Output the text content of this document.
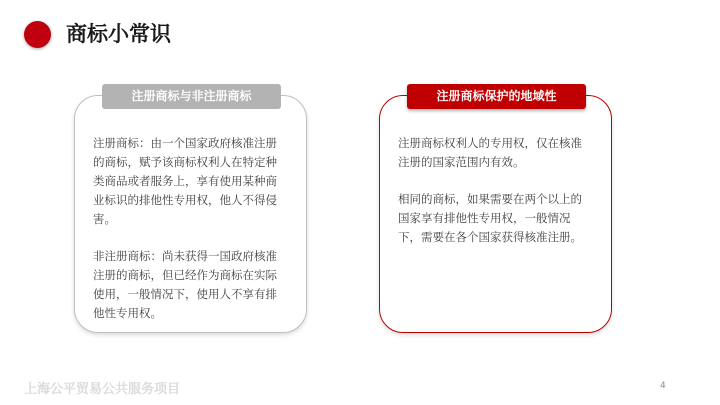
商标小常识
注册商标与非注册商标

注册商标：由一个国家政府核准注册的商标，赋予该商标权利人在特定种类商品或者服务上，享有使用某种商业标识的排他性专用权，他人不得侵害。

非注册商标：尚未获得一国政府核准注册的商标，但已经作为商标在实际使用，一般情况下，使用人不享有排他性专用权。

注册商标保护的地域性

注册商标权利人的专用权，仅在核准注册的国家范围内有效。

相同的商标，如果需要在两个以上的国家享有排他性专用权，一般情况下，需要在各个国家获得核准注册。

上海公平贸易公共服务项目	4
